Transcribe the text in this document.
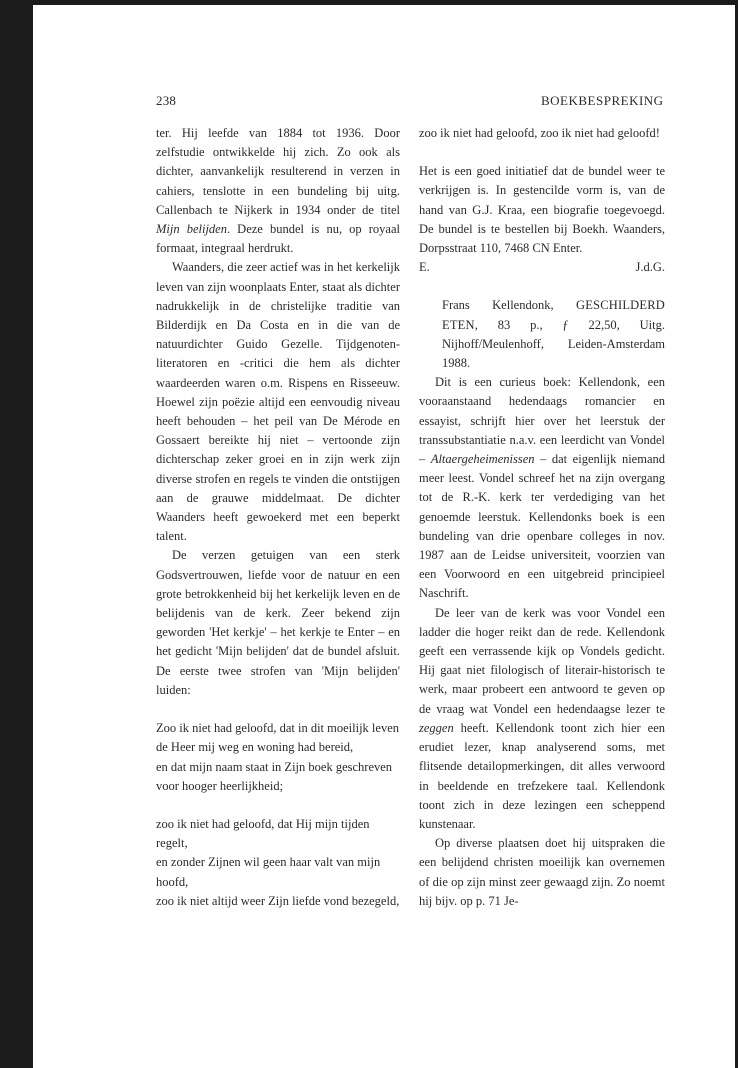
238	BOEKBESPREKING

ter. Hij leefde van 1884 tot 1936. Door zelfstudie ontwikkelde hij zich. Zo ook als dichter, aanvankelijk resulterend in verzen in cahiers, tenslotte in een bundeling bij uitg. Callenbach te Nijkerk in 1934 onder de titel Mijn belijden. Deze bundel is nu, op royaal formaat, integraal herdrukt.

Waanders, die zeer actief was in het kerkelijk leven van zijn woonplaats Enter, staat als dichter nadrukkelijk in de christelijke traditie van Bilderdijk en Da Costa en in die van de natuurdichter Guido Gezelle. Tijdgenoten-literatoren en -critici die hem als dichter waardeerden waren o.m. Rispens en Risseeuw. Hoewel zijn poëzie altijd een eenvoudig niveau heeft behouden – het peil van De Mérode en Gossaert bereikte hij niet – vertoonde zijn dichterschap zeker groei en in zijn werk zijn diverse strofen en regels te vinden die ontstijgen aan de grauwe middelmaat. De dichter Waanders heeft gewoekerd met een beperkt talent.

De verzen getuigen van een sterk Godsvertrouwen, liefde voor de natuur en een grote betrokkenheid bij het kerkelijk leven en de belijdenis van de kerk. Zeer bekend zijn geworden 'Het kerkje' – het kerkje te Enter – en het gedicht 'Mijn belijden' dat de bundel afsluit. De eerste twee strofen van 'Mijn belijden' luiden:

Zoo ik niet had geloofd, dat in dit moeilijk leven
de Heer mij weg en woning had bereid,
en dat mijn naam staat in Zijn boek geschreven
voor hooger heerlijkheid;
zoo ik niet had geloofd, dat Hij mijn tijden regelt,
en zonder Zijnen wil geen haar valt van mijn hoofd,
zoo ik niet altijd weer Zijn liefde vond bezegeld,

zoo ik niet had geloofd, zoo ik niet had geloofd!

Het is een goed initiatief dat de bundel weer te verkrijgen is. In gestencilde vorm is, van de hand van G.J. Kraa, een biografie toegevoegd. De bundel is te bestellen bij Boekh. Waanders, Dorpsstraat 110, 7468 CN Enter.

E.	J.d.G.
Frans Kellendonk, GESCHILDERD ETEN, 83 p., ƒ 22,50, Uitg. Nijhoff/Meulenhoff, Leiden-Amsterdam 1988.

Dit is een curieus boek: Kellendonk, een vooraanstaand hedendaags romancier en essayist, schrijft hier over het leerstuk der transsubstantiatie n.a.v. een leerdicht van Vondel – Altaergeheimenissen – dat eigenlijk niemand meer leest. Vondel schreef het na zijn overgang tot de R.-K. kerk ter verdediging van het genoemde leerstuk. Kellendonks boek is een bundeling van drie openbare colleges in nov. 1987 aan de Leidse universiteit, voorzien van een Voorwoord en een uitgebreid principieel Naschrift.

De leer van de kerk was voor Vondel een ladder die hoger reikt dan de rede. Kellendonk geeft een verrassende kijk op Vondels gedicht. Hij gaat niet filologisch of literair-historisch te werk, maar probeert een antwoord te geven op de vraag wat Vondel een hedendaagse lezer te zeggen heeft. Kellendonk toont zich hier een erudiet lezer, knap analyserend soms, met flitsende detailopmerkingen, dit alles verwoord in beeldende en trefzekere taal. Kellendonk toont zich in deze lezingen een scheppend kunstenaar.

Op diverse plaatsen doet hij uitspraken die een belijdend christen moeilijk kan overnemen of die op zijn minst zeer gewaagd zijn. Zo noemt hij bijv. op p. 71 Je-
